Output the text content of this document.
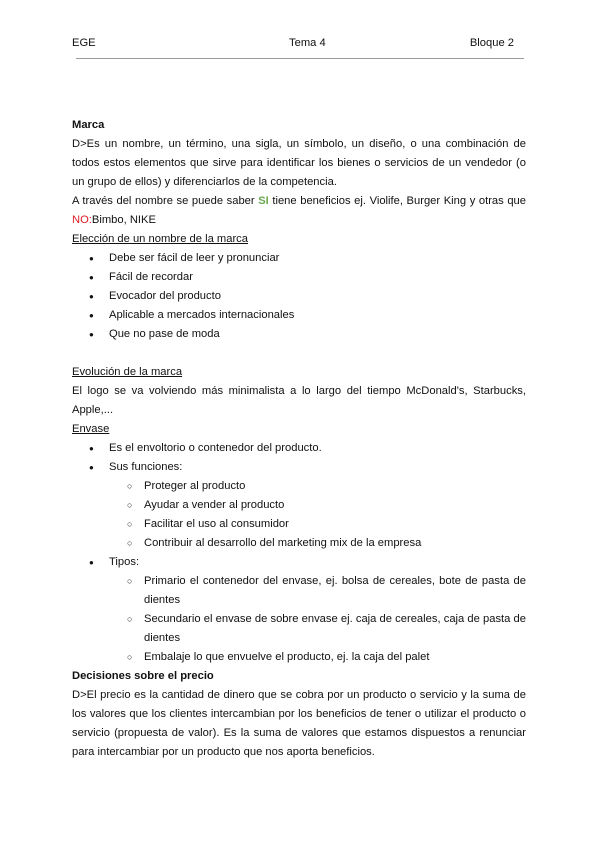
EGE	Tema 4	Bloque 2

Marca

D>Es un nombre, un término, una sigla, un símbolo, un diseño, o una combinación de todos estos elementos que sirve para identificar los bienes o servicios de un vendedor (o un grupo de ellos) y diferenciarlos de la competencia.

A través del nombre se puede saber SI tiene beneficios ej. Violife, Burger King y otras que NO:Bimbo, NIKE

Elección de un nombre de la marca

● Debe ser fácil de leer y pronunciar
● Fácil de recordar
● Evocador del producto
● Aplicable a mercados internacionales
● Que no pase de moda

Evolución de la marca

El logo se va volviendo más minimalista a lo largo del tiempo McDonald's, Starbucks, Apple,...

Envase

● Es el envoltorio o contenedor del producto.
● Sus funciones:
○ Proteger al producto
○ Ayudar a vender al producto
○ Facilitar el uso al consumidor
○ Contribuir al desarrollo del marketing mix de la empresa
● Tipos:
○ Primario el contenedor del envase, ej. bolsa de cereales, bote de pasta de dientes
○ Secundario el envase de sobre envase ej. caja de cereales, caja de pasta de dientes
○ Embalaje lo que envuelve el producto, ej. la caja del palet

Decisiones sobre el precio

D>El precio es la cantidad de dinero que se cobra por un producto o servicio y la suma de los valores que los clientes intercambian por los beneficios de tener o utilizar el producto o servicio (propuesta de valor). Es la suma de valores que estamos dispuestos a renunciar para intercambiar por un producto que nos aporta beneficios.
